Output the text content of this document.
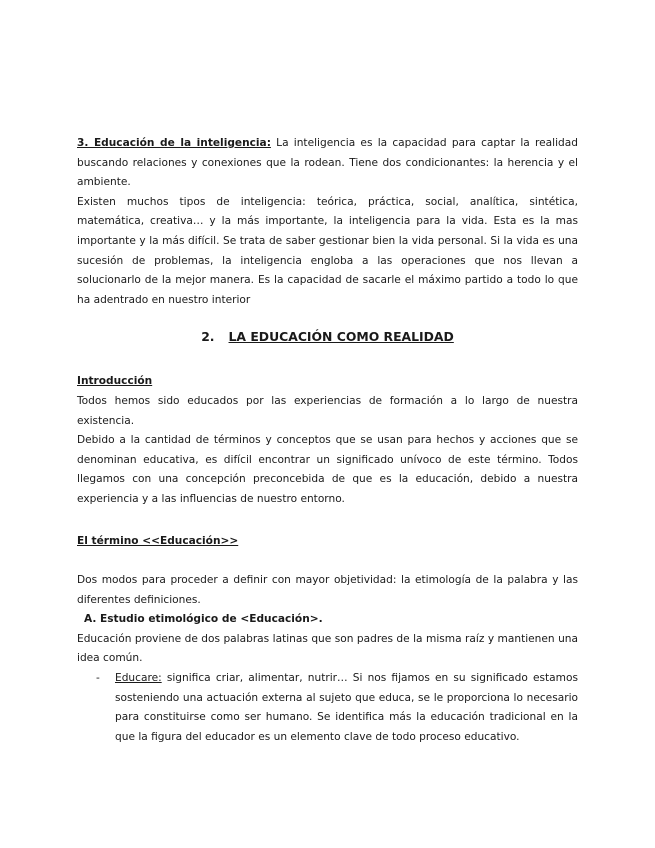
3. Educación de la inteligencia: La inteligencia es la capacidad para captar la realidad buscando relaciones y conexiones que la rodean. Tiene dos condicionantes: la herencia y el ambiente.

Existen muchos tipos de inteligencia: teórica, práctica, social, analítica, sintética, matemática, creativa… y la más importante, la inteligencia para la vida. Esta es la mas importante y la más difícil. Se trata de saber gestionar bien la vida personal. Si la vida es una sucesión de problemas, la inteligencia engloba a las operaciones que nos llevan a solucionarlo de la mejor manera. Es la capacidad de sacarle el máximo partido a todo lo que ha adentrado en nuestro interior

2. LA EDUCACIÓN COMO REALIDAD

Introducción

Todos hemos sido educados por las experiencias de formación a lo largo de nuestra existencia.

Debido a la cantidad de términos y conceptos que se usan para hechos y acciones que se denominan educativa, es difícil encontrar un significado unívoco de este término. Todos llegamos con una concepción preconcebida de que es la educación, debido a nuestra experiencia y a las influencias de nuestro entorno.

El término <<Educación>>

Dos modos para proceder a definir con mayor objetividad: la etimología de la palabra y las diferentes definiciones.

A. Estudio etimológico de <Educación>.

Educación proviene de dos palabras latinas que son padres de la misma raíz y mantienen una idea común.

- Educare: significa criar, alimentar, nutrir… Si nos fijamos en su significado estamos sosteniendo una actuación externa al sujeto que educa, se le proporciona lo necesario para constituirse como ser humano. Se identifica más la educación tradicional en la que la figura del educador es un elemento clave de todo proceso educativo.
